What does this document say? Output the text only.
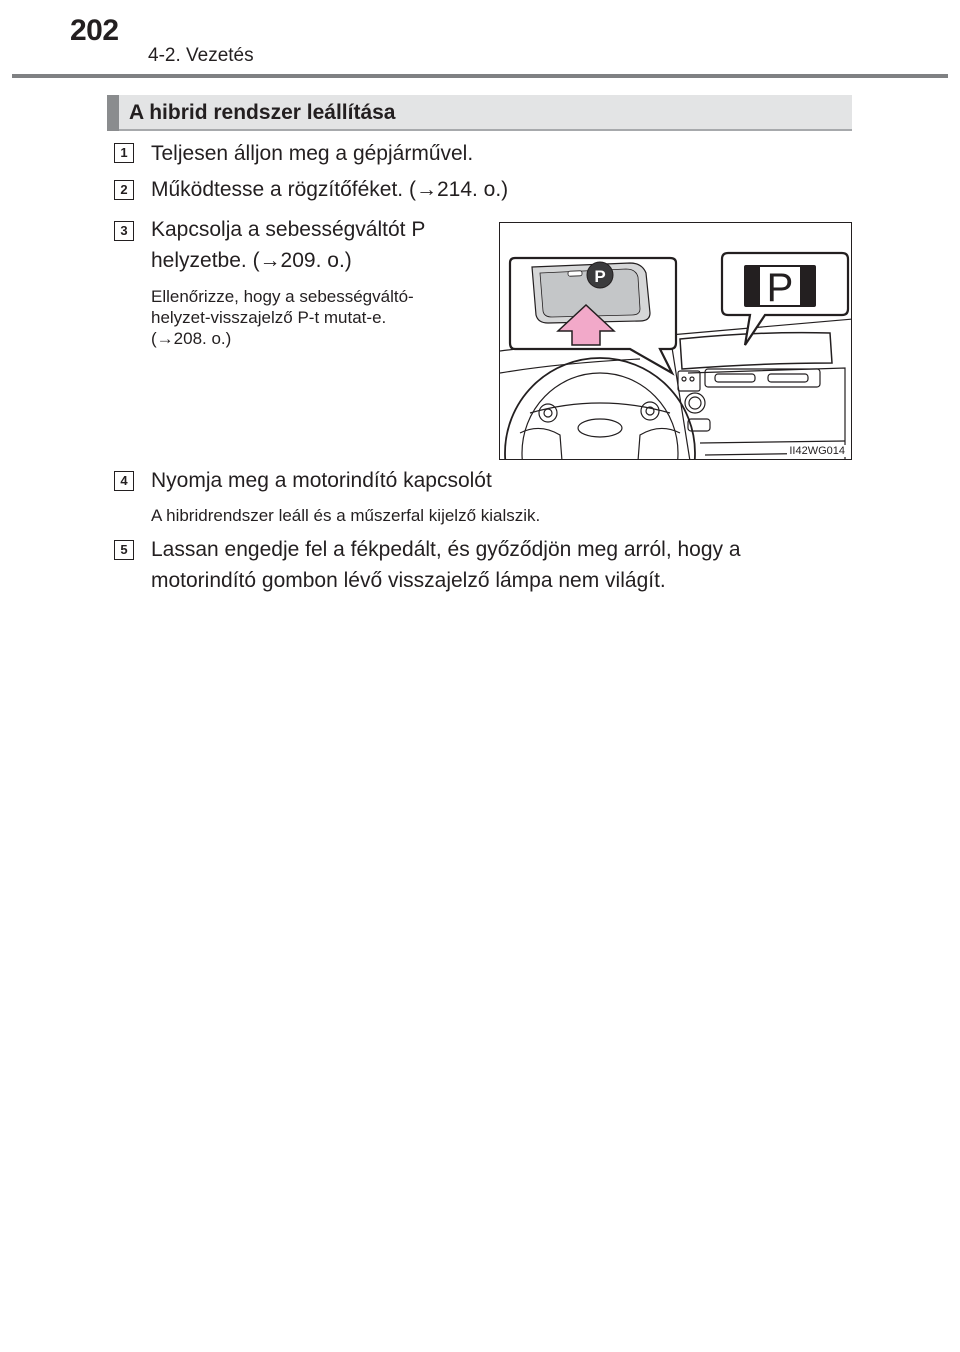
202
4-2. Vezetés
A hibrid rendszer leállítása
1	Teljesen álljon meg a gépjárművel.
2	Működtesse a rögzítőféket. (→214. o.)
3	Kapcsolja a sebességváltót P
helyzetbe. (→209. o.)
Ellenőrizze, hogy a sebességváltó-
helyzet-visszajelző P-t mutat-e.
(→208. o.)
P
P
II42WG014
4	Nyomja meg a motorindító kapcsolót
A hibridrendszer leáll és a műszerfal kijelző kialszik.
5	Lassan engedje fel a fékpedált, és győződjön meg arról, hogy a
motorindító gombon lévő visszajelző lámpa nem világít.
